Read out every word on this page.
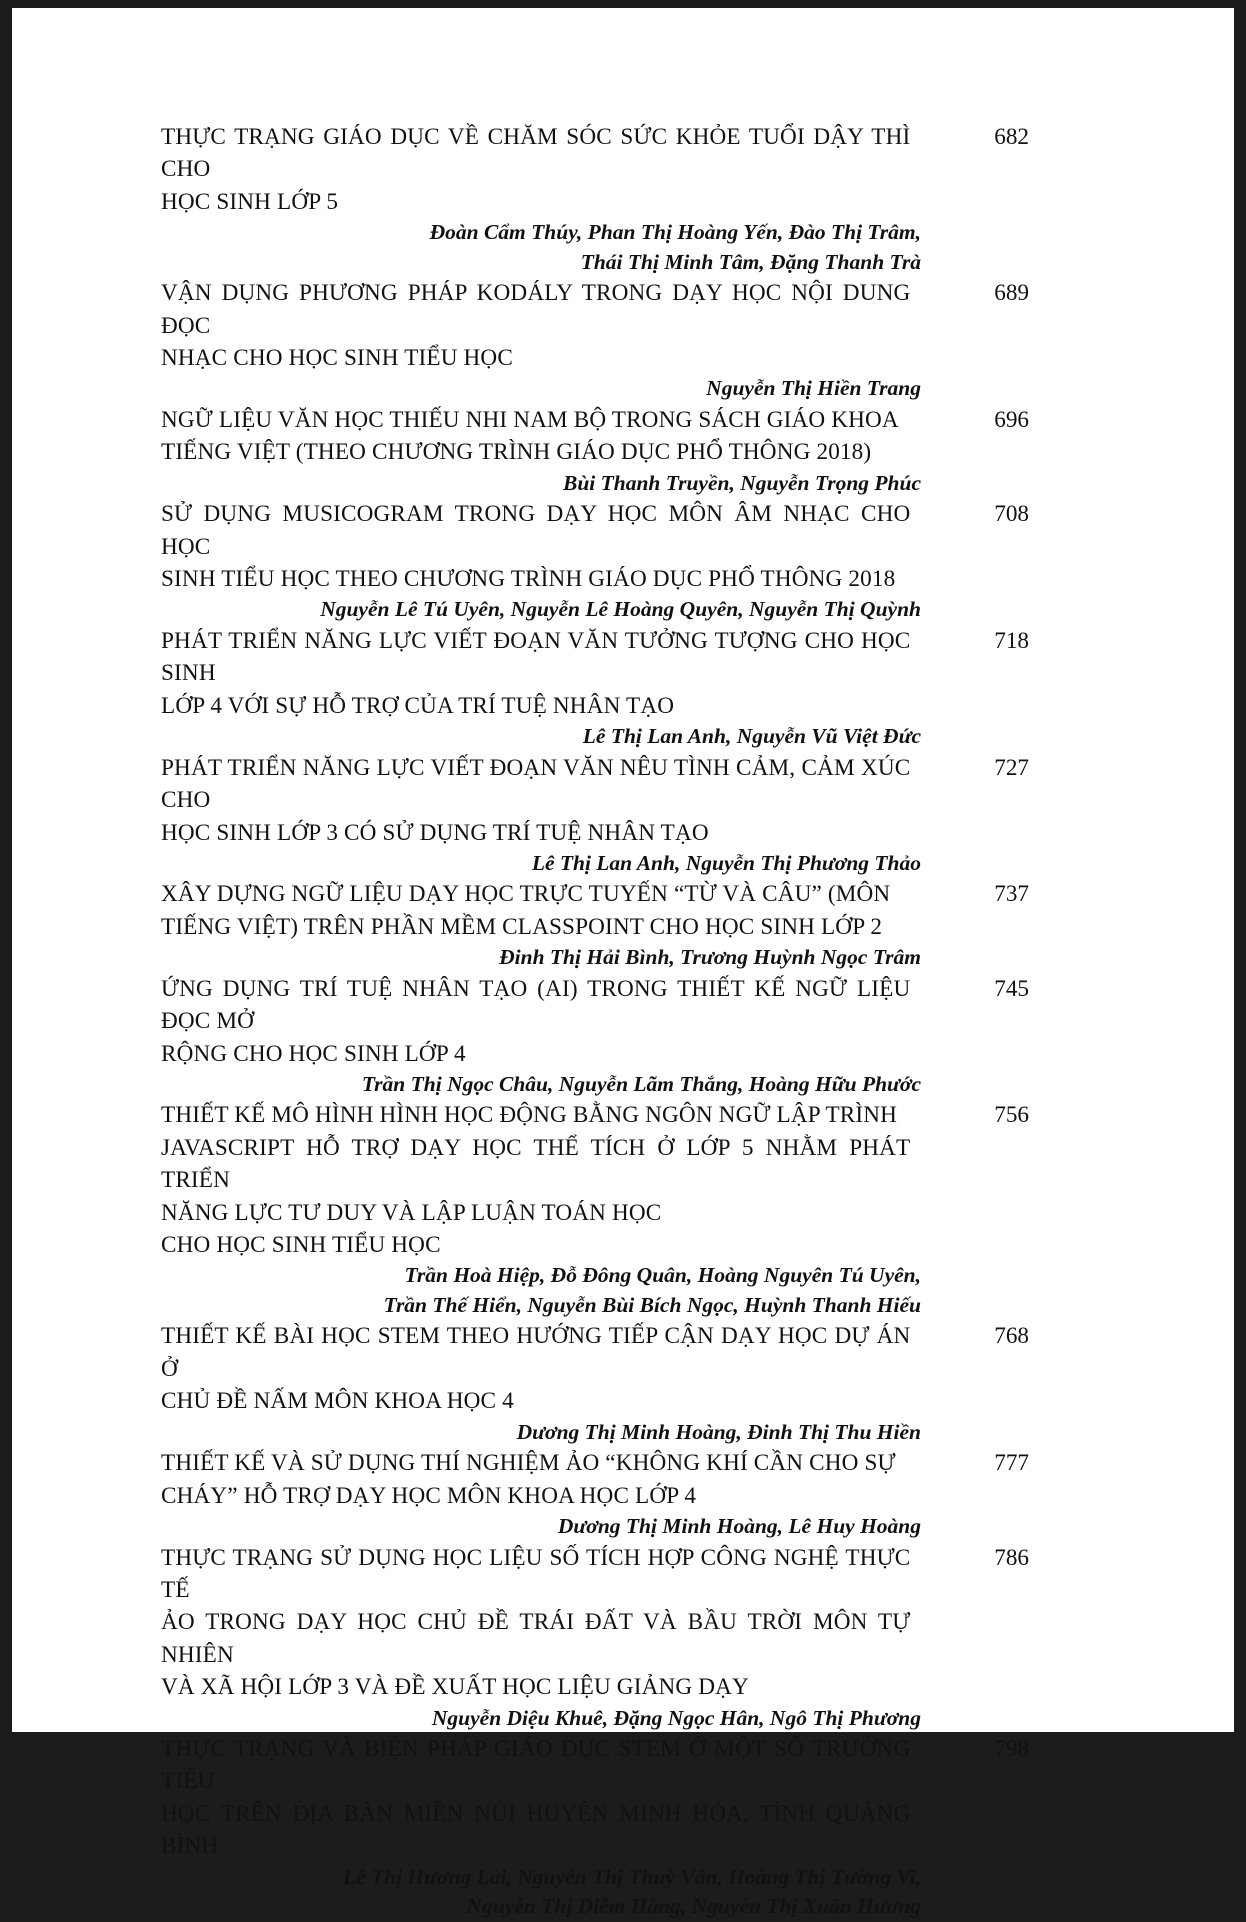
THỰC TRẠNG GIÁO DỤC VỀ CHĂM SÓC SỨC KHỎE TUỔI DẬY THÌ CHO
HỌC SINH LỚP 5
682
Đoàn Cẩm Thúy, Phan Thị Hoàng Yến, Đào Thị Trâm,
Thái Thị Minh Tâm, Đặng Thanh Trà
VẬN DỤNG PHƯƠNG PHÁP KODÁLY TRONG DẠY HỌC NỘI DUNG ĐỌC
NHẠC CHO HỌC SINH TIỂU HỌC
689
Nguyễn Thị Hiền Trang
NGỮ LIỆU VĂN HỌC THIẾU NHI NAM BỘ TRONG SÁCH GIÁO KHOA
TIẾNG VIỆT (THEO CHƯƠNG TRÌNH GIÁO DỤC PHỔ THÔNG 2018)
696
Bùi Thanh Truyền, Nguyễn Trọng Phúc
SỬ DỤNG MUSICOGRAM TRONG DẠY HỌC MÔN ÂM NHẠC CHO HỌC
SINH TIỂU HỌC THEO CHƯƠNG TRÌNH GIÁO DỤC PHỔ THÔNG 2018
708
Nguyễn Lê Tú Uyên, Nguyễn Lê Hoàng Quyên, Nguyễn Thị Quỳnh
PHÁT TRIỂN NĂNG LỰC VIẾT ĐOẠN VĂN TƯỞNG TƯỢNG CHO HỌC SINH
LỚP 4 VỚI SỰ HỖ TRỢ CỦA TRÍ TUỆ NHÂN TẠO
718
Lê Thị Lan Anh, Nguyễn Vũ Việt Đức
PHÁT TRIỂN NĂNG LỰC VIẾT ĐOẠN VĂN NÊU TÌNH CẢM, CẢM XÚC CHO
HỌC SINH LỚP 3 CÓ SỬ DỤNG TRÍ TUỆ NHÂN TẠO
727
Lê Thị Lan Anh, Nguyễn Thị Phương Thảo
XÂY DỰNG NGỮ LIỆU DẠY HỌC TRỰC TUYẾN “TỪ VÀ CÂU” (MÔN
TIẾNG VIỆT) TRÊN PHẦN MỀM CLASSPOINT CHO HỌC SINH LỚP 2
737
Đinh Thị Hải Bình, Trương Huỳnh Ngọc Trâm
ỨNG DỤNG TRÍ TUỆ NHÂN TẠO (AI) TRONG THIẾT KẾ NGỮ LIỆU ĐỌC MỞ
RỘNG CHO HỌC SINH LỚP 4
745
Trần Thị Ngọc Châu, Nguyễn Lãm Thắng, Hoàng Hữu Phước
THIẾT KẾ MÔ HÌNH HÌNH HỌC ĐỘNG BẰNG NGÔN NGỮ LẬP TRÌNH
JAVASCRIPT HỖ TRỢ DẠY HỌC THỂ TÍCH Ở LỚP 5 NHẰM PHÁT TRIỂN
NĂNG LỰC TƯ DUY VÀ LẬP LUẬN TOÁN HỌC
CHO HỌC SINH TIỂU HỌC
756
Trần Hoà Hiệp, Đỗ Đông Quân, Hoàng Nguyên Tú Uyên,
Trần Thế Hiển, Nguyễn Bùi Bích Ngọc, Huỳnh Thanh Hiếu
THIẾT KẾ BÀI HỌC STEM THEO HƯỚNG TIẾP CẬN DẠY HỌC DỰ ÁN Ở
CHỦ ĐỀ NẤM MÔN KHOA HỌC 4
768
Dương Thị Minh Hoàng, Đinh Thị Thu Hiền
THIẾT KẾ VÀ SỬ DỤNG THÍ NGHIỆM ẢO “KHÔNG KHÍ CẦN CHO SỰ
CHÁY” HỖ TRỢ DẠY HỌC MÔN KHOA HỌC LỚP 4
777
Dương Thị Minh Hoàng, Lê Huy Hoàng
THỰC TRẠNG SỬ DỤNG HỌC LIỆU SỐ TÍCH HỢP CÔNG NGHỆ THỰC TẾ
ẢO TRONG DẠY HỌC CHỦ ĐỀ TRÁI ĐẤT VÀ BẦU TRỜI MÔN TỰ NHIÊN
VÀ XÃ HỘI LỚP 3 VÀ ĐỀ XUẤT HỌC LIỆU GIẢNG DẠY
786
Nguyễn Diệu Khuê, Đặng Ngọc Hân, Ngô Thị Phương
THỰC TRẠNG VÀ BIỆN PHÁP GIÁO DỤC STEM Ở MỘT SỐ TRƯỜNG TIỂU
HỌC TRÊN ĐỊA BÀN MIỀN NÚI HUYỆN MINH HÓA, TỈNH QUẢNG BÌNH
798
Lê Thị Hương Lài, Nguyễn Thị Thuỳ Vân, Hoàng Thị Tường Vi,
Nguyễn Thị Diễm Hằng, Nguyễn Thị Xuân Hương
